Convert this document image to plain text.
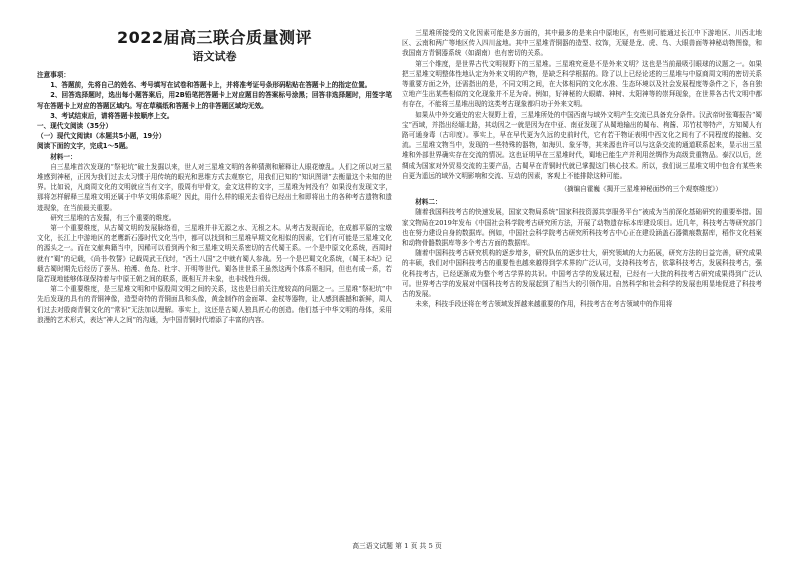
2022届高三联合质量测评
语文试卷

注意事项：

1、答题前，先将自己的姓名、考号填写在试卷和答题卡上，并将准考证号条形码粘贴在答题卡上的指定位置。

2、回答选择题时，选出每小题答案后，用2B铅笔把答题卡上对应题目的答案标号涂黑；回答非选择题时，用签字笔写在答题卡上对应的答题区域内。写在草稿纸和答题卡上的非答题区域均无效。

3、考试结束后，请将答题卡按顺序上交。

一、现代文阅读（35分）

（一）现代文阅读Ⅰ（本题共5小题，19分）

阅读下面的文字，完成1～5题。

材料一：

自三星堆首次发现的“祭祀坑”破土发掘以来，世人对三星堆文明的各种猜测和解释让人眼花缭乱。人们之所以对三星堆感到神秘，正因为我们过去太习惯于用传统的眼光和思维方式去观察它，用我们已知的“知识图谱”去衡量这个未知的世界。比如说，凡商周文化的文明就应当有文字，殷周有甲骨文，金文这样的文字，三星堆为何没有？如果没有发现文字，那将怎样解释三星堆文明还属于中华文明体系呢？因此，用什么样的眼光去看待已经出土和即将出土的各种考古遗物和遗迹现象，在当前最关重要。

研究三星堆的古发掘，有三个重要的维度。

第一个重要维度，从古蜀文明的发展脉络看，三星堆并非无源之水、无根之木。从考古发现而论，在成都平原的宝墩文化，长江上中游地区的老鹰新石器时代文化当中，都可以找到和三星堆早期文化相似的因素，它们有可能是三星堆文化的源头之一。而在文献典籍当中，因稀可以看到两个和三星堆文明关系密切的古代蜀王系。一个是中原文化系统，西周时就有“蜀”的记载，《尚书·牧誓》记载周武王伐纣，“西土八国”之中就有蜀人参战。另一个是巴蜀文化系统，《蜀王本纪》记载古蜀时期先后经历了蚕丛、柏濩、鱼凫、杜宇、开明等世代。蜀各世世系王虽然这两个体系不相同，但也有成一系，若隐若现地能够体现保持着与中原王朝之间的联系，既相互并未象，也非线性升级。

第二个重要维度，是三星堆文明和中原殷周文明之间的关系，这也是目前关注度较高的问题之一。三星堆“祭祀坑”中先后发现的具有的青铜神像，造型奇特的青铜面具和头像，黄金制作的金面罩、金杖等器物，让人感到震撼和新鲜，周人们过去对殷商青铜文化的“常识”无法加以理解。事实上，这还是古蜀人独具匠心的创造。他们基于中华文明的母体，采用浪漫的艺术形式，表达“神人之间”的沟通，为中国青铜时代增添了丰富的内容。

三星堆所接受的文化因素可能是多方面的，其中最多的是来自中原地区，有些则可能通过长江中下游地区、川西北地区、云南和两广等地区传入四川盆地。其中三星堆青铜器的造型、纹饰，无疑是龙、虎、鸟、大眼兽面等神秘动物图像，和我国南方青铜器系统（如湖南）也有密切的关系。

第三个维度，是世界古代文明视野下的三星堆。三星堆究竟是不是外来文明？这也是当前最吸引眼球的议题之一。如果把三星堆文明整体性地认定为外来文明的产物，是缺乏科学根据的。除了以上已经论述的三星堆与中原商周文明的密切关系等重要方面之外，还需指出的是，不同文明之间，在大体相同的文化水准、生态环境以及社会发展程度等条件之下，各自独立地产生出某些相似的文化现象并不足为奇。例如，好神秘的大眼睛、神树、太阳神等的崇拜现象，在世界各古代文明中都有存在，不能将三星堆出现的这类考古现象都归功于外来文明。

如果从中外交通史的宏大视野上看，三星堆所处的中国西南与域外文明产生交流已具备充分条件。汉武帝时张骞报告“蜀宝”西域，并指出经缅北路，其动因之一就是因为在中亚、南亚发现了从蜀地输出的蜀布、枸酱、邛竹杖等特产，方知蜀人有路可通身毒（古印度）。事实上，早在早代更为久远的史前时代，它有若干物证表明中西文化之间有了不同程度的接触、交流。三星堆文物当中，发现的一些特殊的器物，如海贝、象牙等，其来源也许可以与这条交流的通道联系起来，显示出三星堆和外部世界确实存在交流的情况。这也证明早在三星堆时代，蜀地已能生产并利用丝绸作为高级贵重物品。泰汉以后，丝绸成为国家对外贸易交流的主要产品，古蜀早在青铜时代就已掌握这门核心技术。所以，我们说三星堆文明中包含有某些来自更为遥远的域外文明影响和交流、互动的因素，客观上不能排除这种可能。

（摘编自霍巍《揭开三星堆神秘面纱的三个观察维度》）

材料二：

随着我国科技考古的快速发展，国家文物局系统“国家科技资源共享服务平台”被成为当前深化基础研究的重要举措。国家文物局在2019年发布《中国社会科学院考古研究所方法，开展了动物遗存标本库建设项目。近几年，科技考古等研究部门也在努力建设自身的数据库。例如，中国社会科学院考古研究所科技考古中心正在建设涵盖石器微痕数据库，稻作文化档案和动物骨骼数据库等多个考古方面的数据库。

随着中国科技考古研究机构的逐步增多，研究队伍的逐步壮大，研究领域的大力拓展，研究方法的日益完善，研究成果的丰硕，我们对中国科技考古的重要性也越来越得到学术界的广泛认可，支持科技考古，依靠科技考古，发展科技考古，强化科技考古，已经逐渐成为整个考古学界的共识。中国考古学的发展过程，已经有一大批的科技考古研究成果得到广泛认可。世界考古学的发展对中国科技考古的发展起到了相当大的引领作用。自然科学和社会科学的发展也明显地促进了科技考古的发展。

未来，科技手段还将在考古领域发挥越来越重要的作用，科技考古在考古领域中的作用将

高三语文试题 第 1 页 共 5 页
